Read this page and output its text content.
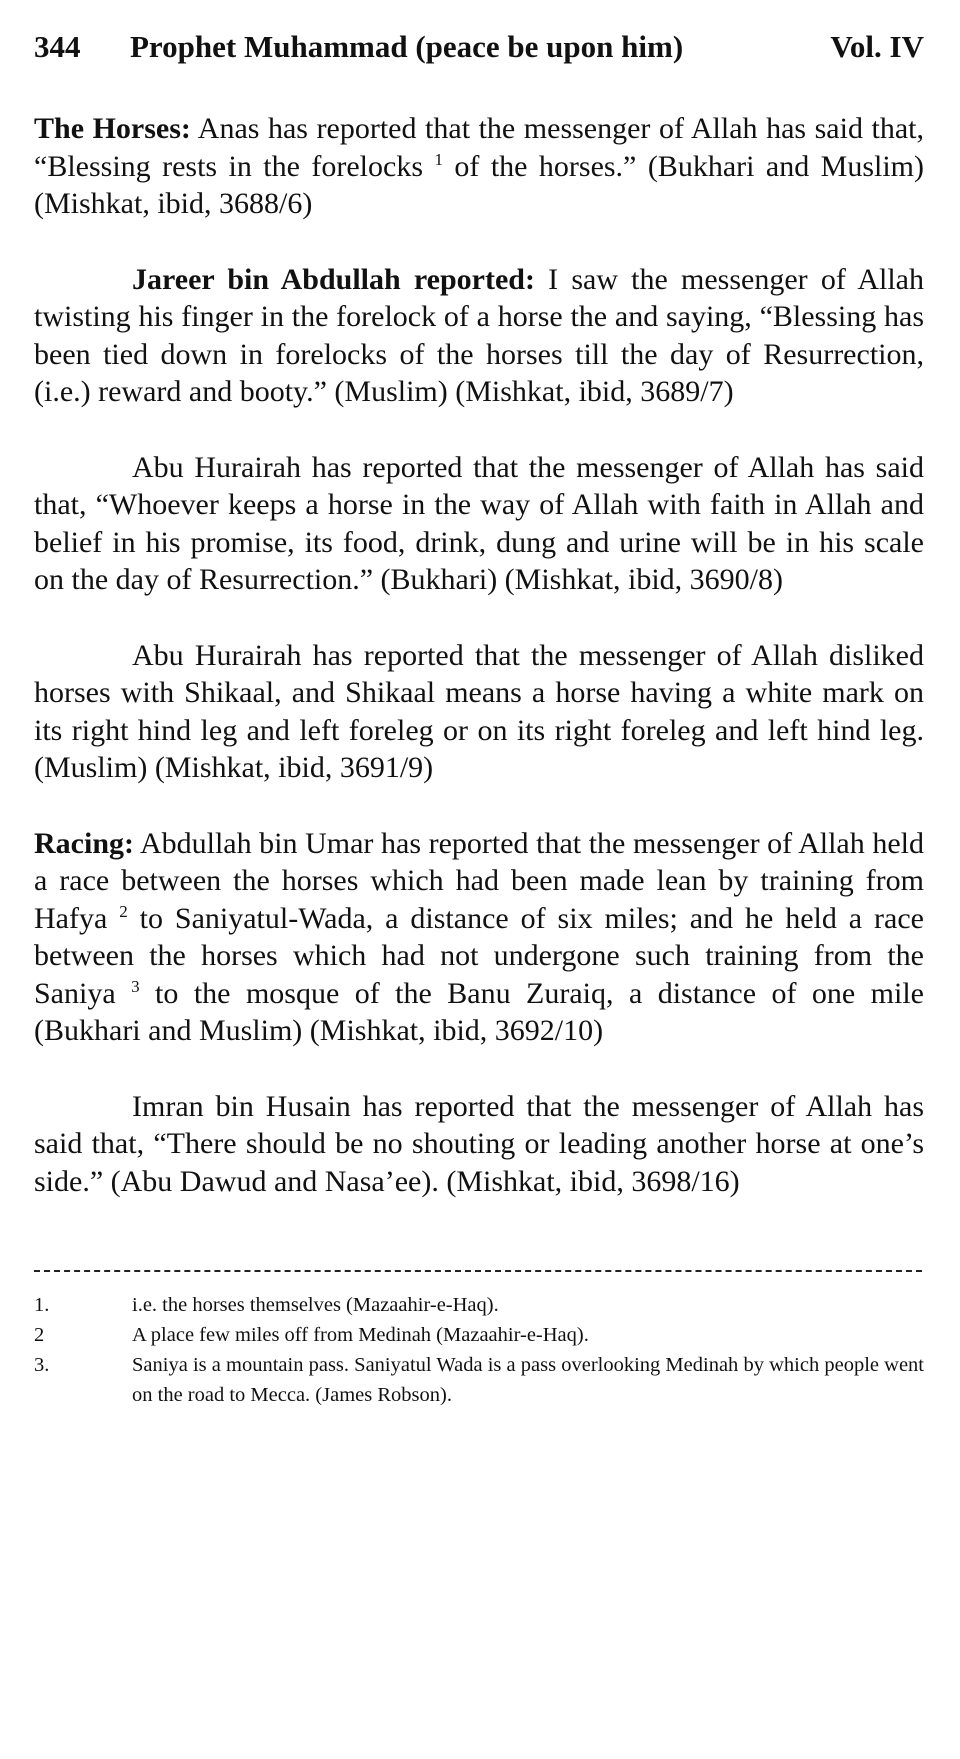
344	Prophet Muhammad (peace be upon him)	Vol. IV

The Horses: Anas has reported that the messenger of Allah has said that, “Blessing rests in the forelocks $^1$ of the horses.” (Bukhari and Muslim) (Mishkat, ibid, 3688/6)

Jareer bin Abdullah reported: I saw the messenger of Allah twisting his finger in the forelock of a horse the and saying, “Blessing has been tied down in forelocks of the horses till the day of Resurrection, (i.e.) reward and booty.” (Muslim) (Mishkat, ibid, 3689/7)

Abu Hurairah has reported that the messenger of Allah has said that, “Whoever keeps a horse in the way of Allah with faith in Allah and belief in his promise, its food, drink, dung and urine will be in his scale on the day of Resurrection.” (Bukhari) (Mishkat, ibid, 3690/8)

Abu Hurairah has reported that the messenger of Allah disliked horses with Shikaal, and Shikaal means a horse having a white mark on its right hind leg and left foreleg or on its right foreleg and left hind leg. (Muslim) (Mishkat, ibid, 3691/9)

Racing: Abdullah bin Umar has reported that the messenger of Allah held a race between the horses which had been made lean by training from Hafya $^2$ to Saniyatul-Wada, a distance of six miles; and he held a race between the horses which had not undergone such training from the Saniya $^3$ to the mosque of the Banu Zuraiq, a distance of one mile (Bukhari and Muslim) (Mishkat, ibid, 3692/10)

Imran bin Husain has reported that the messenger of Allah has said that, “There should be no shouting or leading another horse at one’s side.” (Abu Dawud and Nasa’ee). (Mishkat, ibid, 3698/16)

1.	i.e. the horses themselves (Mazaahir-e-Haq).
2	A place few miles off from Medinah (Mazaahir-e-Haq).
3.	Saniya is a mountain pass. Saniyatul Wada is a pass overlooking Medinah by which people went on the road to Mecca. (James Robson).
